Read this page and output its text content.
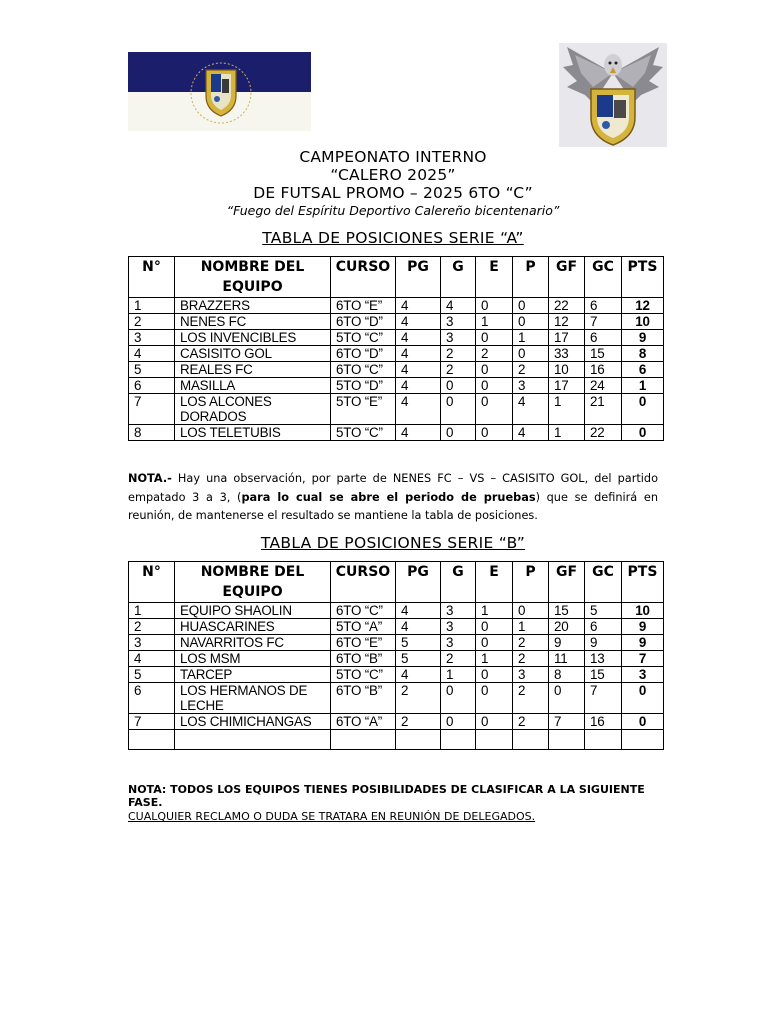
CAMPEONATO INTERNO
“CALERO 2025”
DE FUTSAL PROMO – 2025 6TO “C”
“Fuego del Espíritu Deportivo Calereño bicentenario”
TABLA DE POSICIONES SERIE “A”
N°	NOMBRE DEL EQUIPO	CURSO	PG	G	E	P	GF	GC	PTS
1	BRAZZERS	6TO “E”	4	4	0	0	22	6	12
2	NENES FC	6TO “D”	4	3	1	0	12	7	10
3	LOS INVENCIBLES	5TO “C”	4	3	0	1	17	6	9
4	CASISITO GOL	6TO “D”	4	2	2	0	33	15	8
5	REALES FC	6TO “C”	4	2	0	2	10	16	6
6	MASILLA	5TO “D”	4	0	0	3	17	24	1
7	LOS ALCONES DORADOS	5TO “E”	4	0	0	4	1	21	0
8	LOS TELETUBIS	5TO “C”	4	0	0	4	1	22	0
NOTA.- Hay una observación, por parte de NENES FC – VS – CASISITO GOL, del partido empatado 3 a 3, (para lo cual se abre el periodo de pruebas) que se definirá en reunión, de mantenerse el resultado se mantiene la tabla de posiciones.
TABLA DE POSICIONES SERIE “B”
N°	NOMBRE DEL EQUIPO	CURSO	PG	G	E	P	GF	GC	PTS
1	EQUIPO SHAOLIN	6TO “C”	4	3	1	0	15	5	10
2	HUASCARINES	5TO “A”	4	3	0	1	20	6	9
3	NAVARRITOS FC	6TO “E”	5	3	0	2	9	9	9
4	LOS MSM	6TO “B”	5	2	1	2	11	13	7
5	TARCEP	5TO “C”	4	1	0	3	8	15	3
6	LOS HERMANOS DE LECHE	6TO “B”	2	0	0	2	0	7	0
7	LOS CHIMICHANGAS	6TO “A”	2	0	0	2	7	16	0

NOTA: TODOS LOS EQUIPOS TIENES POSIBILIDADES DE CLASIFICAR A LA SIGUIENTE FASE.
CUALQUIER RECLAMO O DUDA SE TRATARA EN REUNIÓN DE DELEGADOS.
